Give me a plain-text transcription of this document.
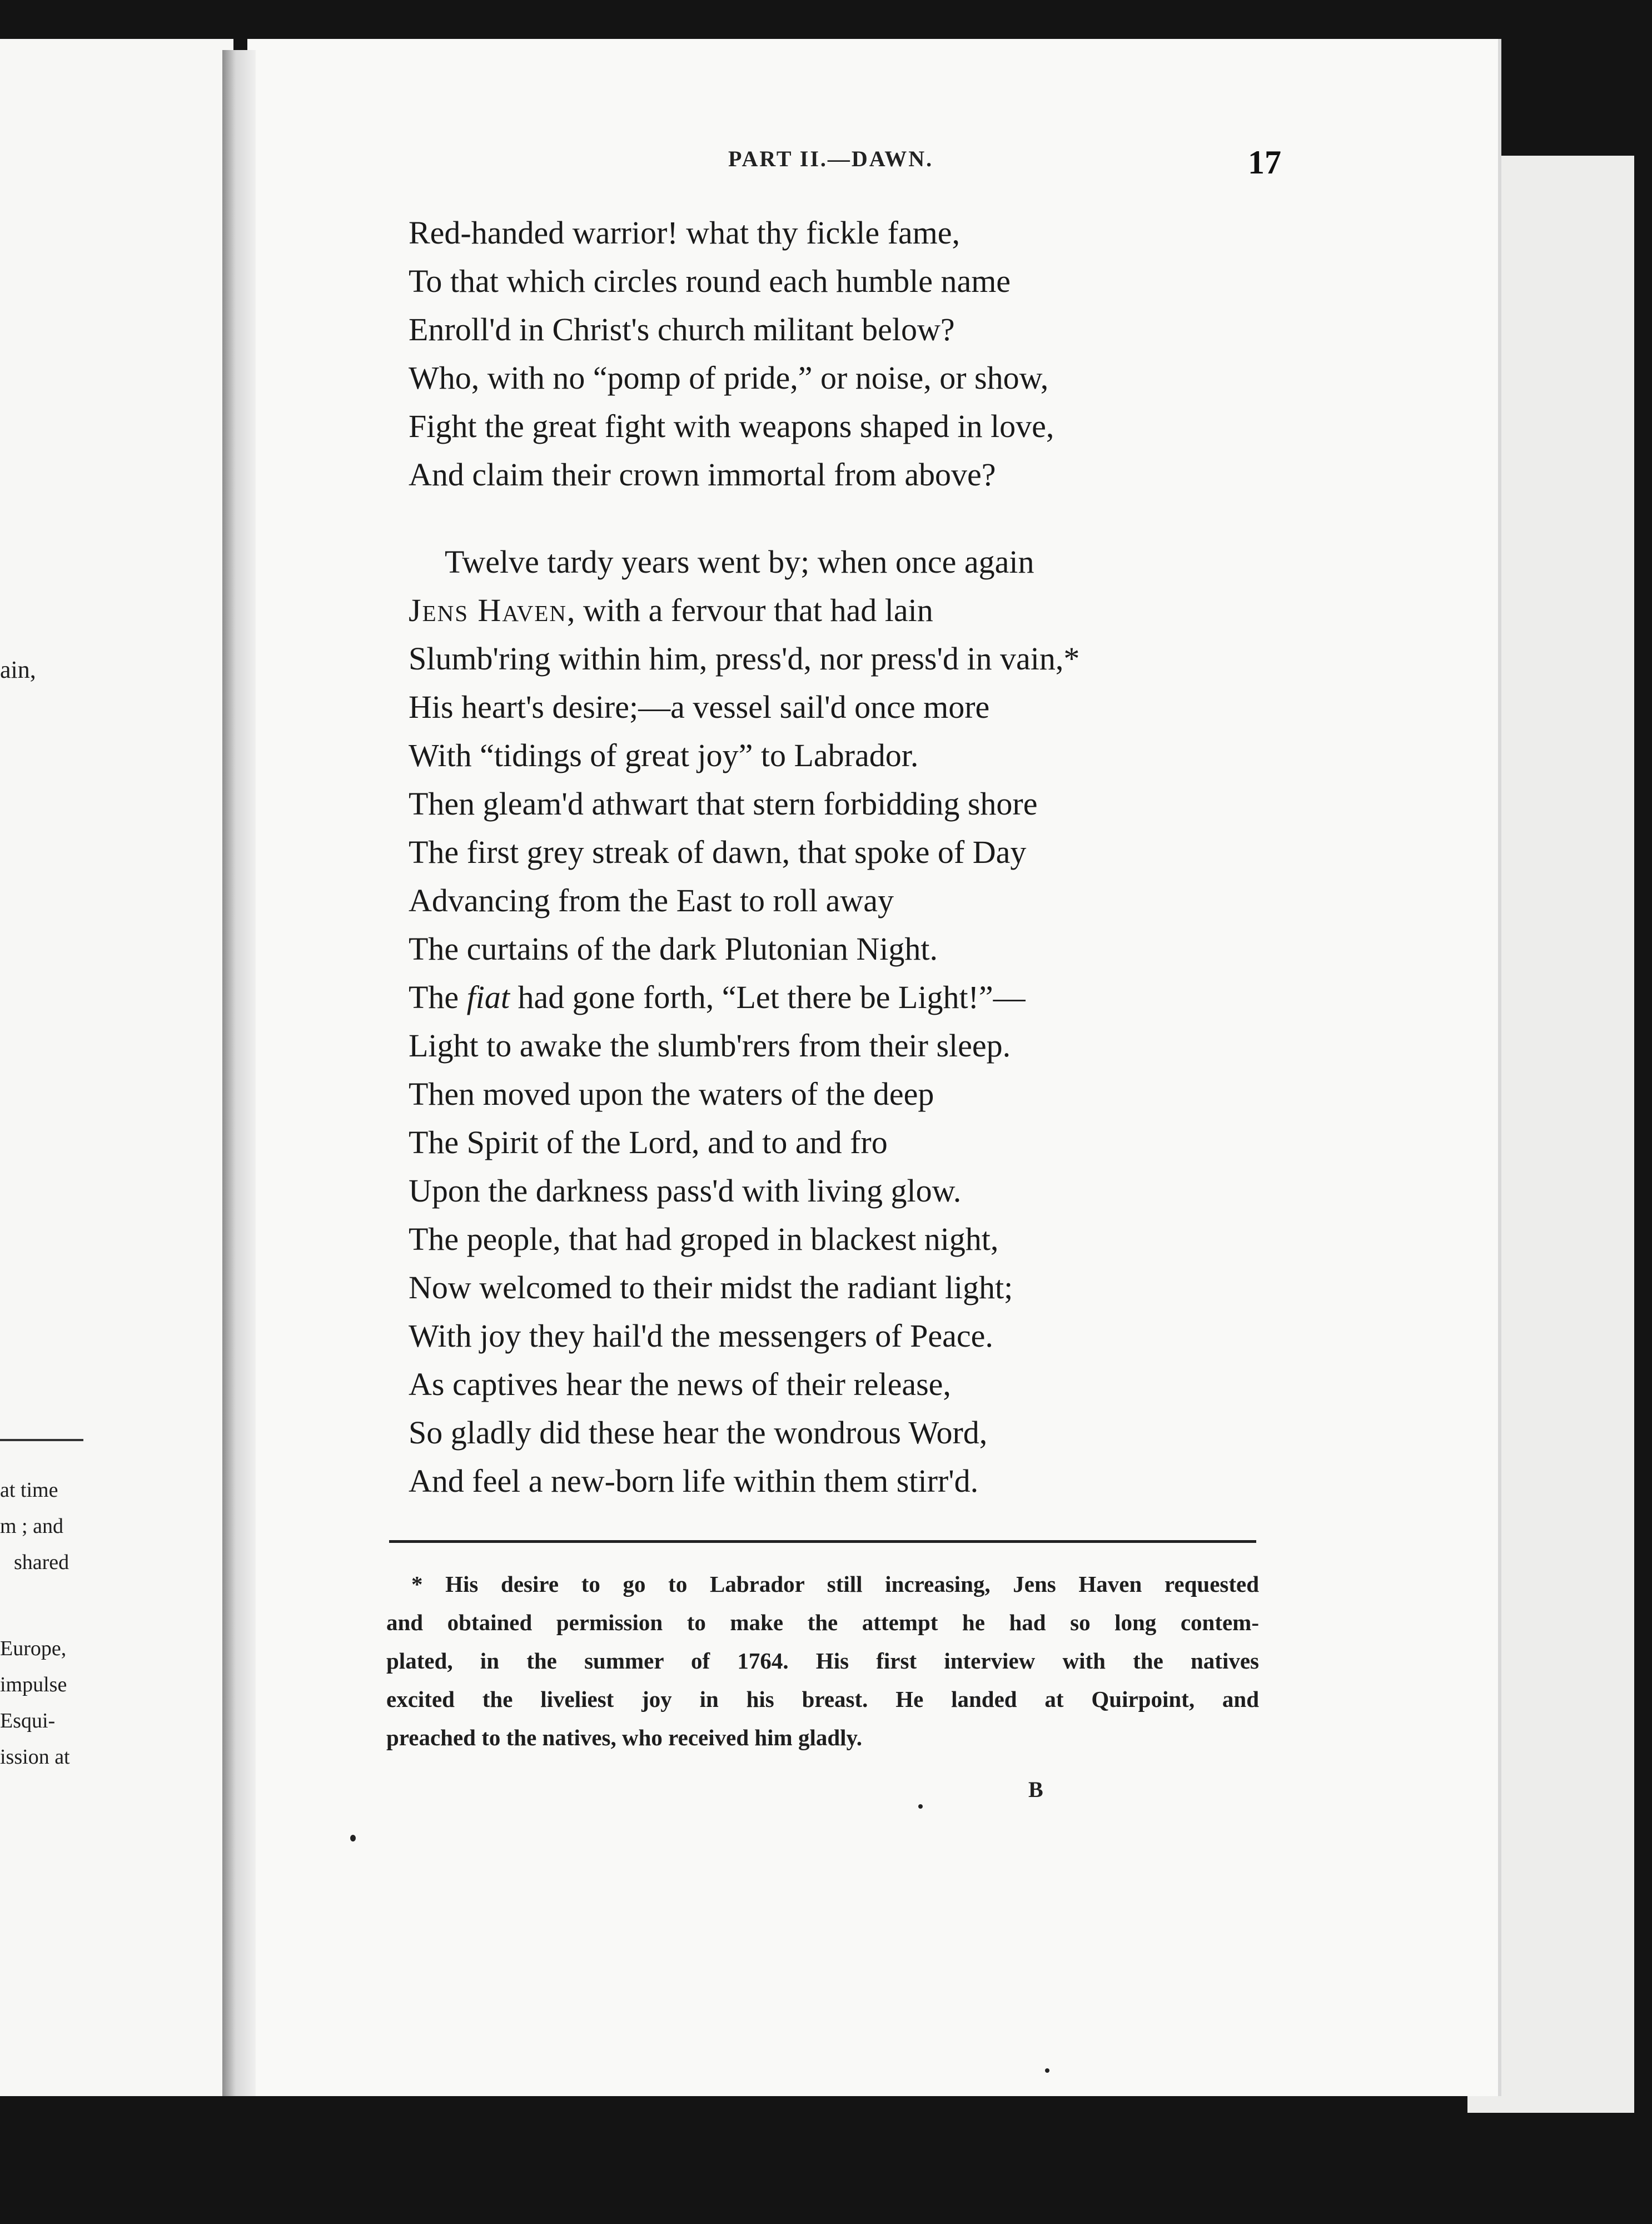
ain,
at time
m ; and
shared
Europe,
impulse
Esqui-
ission at
PART II.—DAWN.	17
Red-handed warrior! what thy fickle fame,
To that which circles round each humble name
Enroll'd in Christ's church militant below?
Who, with no “pomp of pride,” or noise, or show,
Fight the great fight with weapons shaped in love,
And claim their crown immortal from above?
Twelve tardy years went by; when once again
Jens Haven, with a fervour that had lain
Slumb'ring within him, press'd, nor press'd in vain,*
His heart's desire;—a vessel sail'd once more
With “tidings of great joy” to Labrador.
Then gleam'd athwart that stern forbidding shore
The first grey streak of dawn, that spoke of Day
Advancing from the East to roll away
The curtains of the dark Plutonian Night.
The fiat had gone forth, “Let there be Light!”—
Light to awake the slumb'rers from their sleep.
Then moved upon the waters of the deep
The Spirit of the Lord, and to and fro
Upon the darkness pass'd with living glow.
The people, that had groped in blackest night,
Now welcomed to their midst the radiant light;
With joy they hail'd the messengers of Peace.
As captives hear the news of their release,
So gladly did these hear the wondrous Word,
And feel a new-born life within them stirr'd.
* His desire to go to Labrador still increasing, Jens Haven requested
and obtained permission to make the attempt he had so long contem-
plated, in the summer of 1764. His first interview with the natives
excited the liveliest joy in his breast. He landed at Quirpoint, and
preached to the natives, who received him gladly.
B
